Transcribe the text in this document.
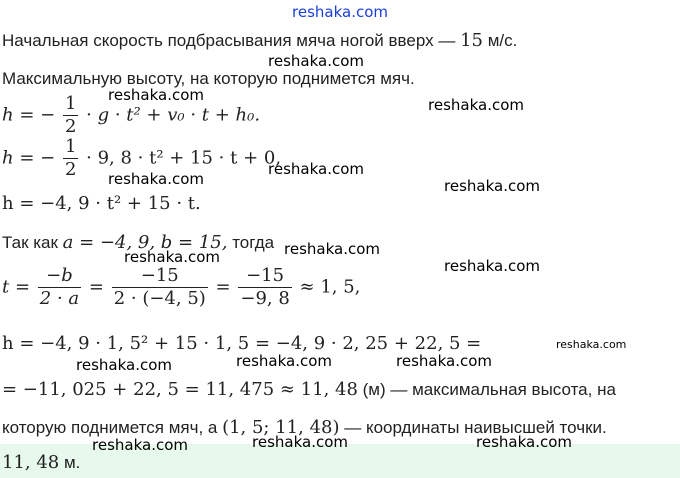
reshaka.com
reshaka.com
reshaka.com
reshaka.com
reshaka.com
reshaka.com	reshaka.com
reshaka.com
reshaka.com	reshaka.com
reshaka.com
reshaka.com	reshaka.com
reshaka.com
reshaka.com	reshaka.com	reshaka.com
Начальная скорость подбрасывания мяча ногой вверх — 15 м/с.
Максимальную высоту, на которую поднимется мяч.
h = − $\frac{1}{2} \cdot g \cdot t^2 + v_0 \cdot t + h_0$.
h = − $\frac{1}{2} \cdot 9$, 8 · t² + 15 · t + 0,
h = −4, 9 · t² + 15 · t.
Так как a = −4, 9, b = 15, тогда
$t = \frac{-b}{2 \cdot a} = \frac{-15}{2 \cdot (-4, 5)} = \frac{-15}{-9, 8} \approx 1$, 5,
h = −4, 9 · 1, 5² + 15 · 1, 5 = −4, 9 · 2, 25 + 22, 5 =
= −11, 025 + 22, 5 = 11, 475 ≈ 11, 48 (м) — максимальная высота, на
которую поднимется мяч, а (1, 5; 11, 48) — координаты наивысшей точки.
11, 48 м.
